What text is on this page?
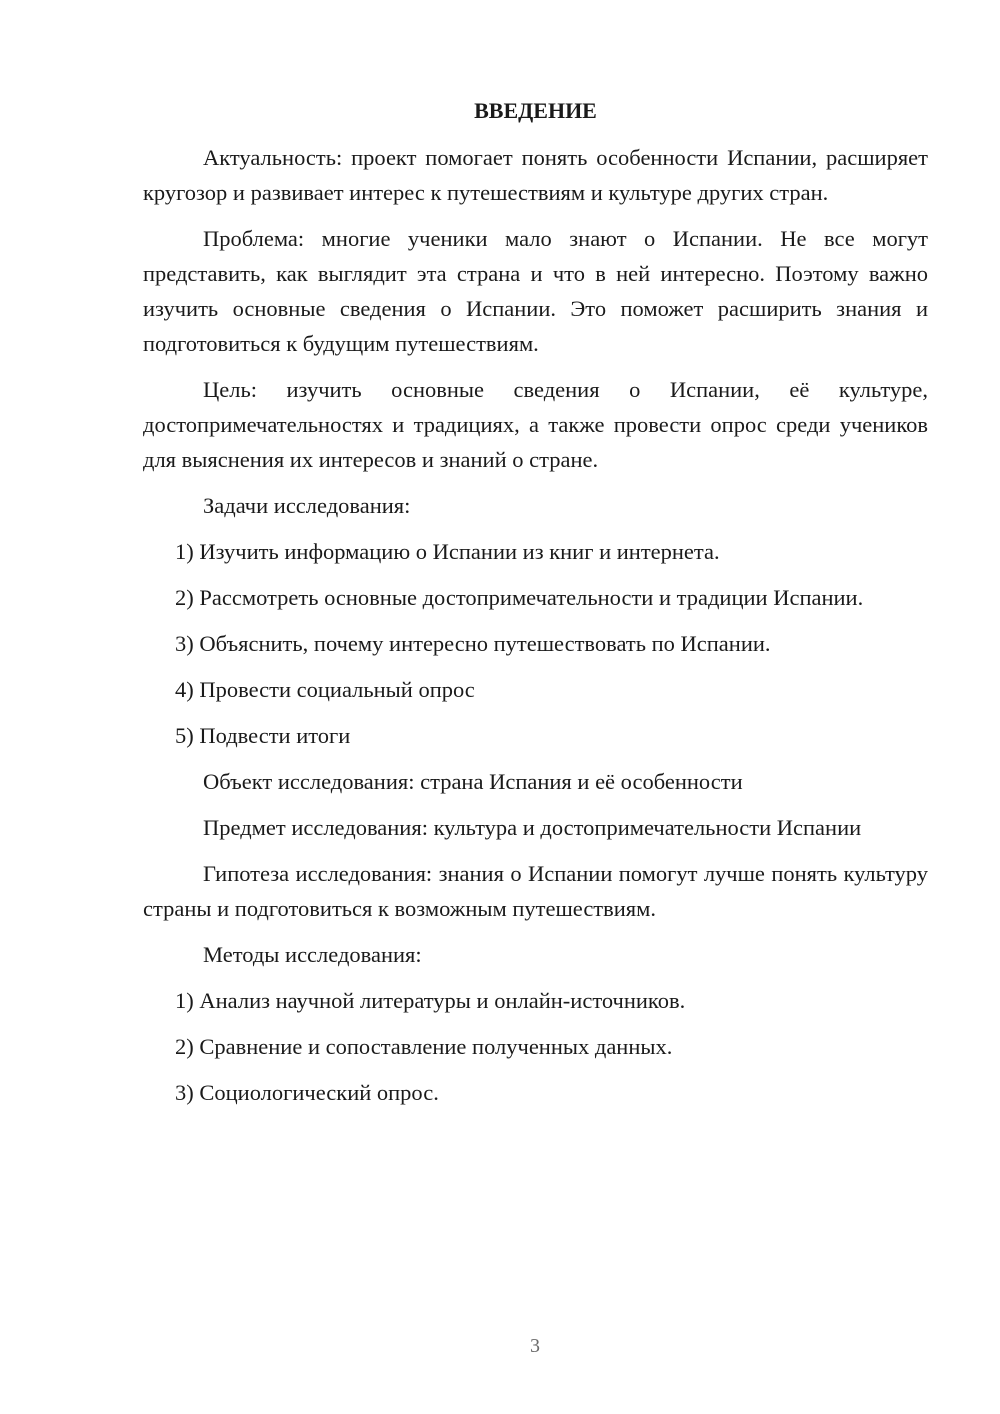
ВВЕДЕНИЕ

Актуальность: проект помогает понять особенности Испании, расширяет кругозор и развивает интерес к путешествиям и культуре других стран.

Проблема: многие ученики мало знают о Испании. Не все могут представить, как выглядит эта страна и что в ней интересно. Поэтому важно изучить основные сведения о Испании. Это поможет расширить знания и подготовиться к будущим путешествиям.

Цель: изучить основные сведения о Испании, её культуре, достопримечательностях и традициях, а также провести опрос среди учеников для выяснения их интересов и знаний о стране.

Задачи исследования:

1) Изучить информацию о Испании из книг и интернета.

2) Рассмотреть основные достопримечательности и традиции Испании.

3) Объяснить, почему интересно путешествовать по Испании.

4) Провести социальный опрос

5) Подвести итоги

Объект исследования: страна Испания и её особенности

Предмет исследования: культура и достопримечательности Испании

Гипотеза исследования: знания о Испании помогут лучше понять культуру страны и подготовиться к возможным путешествиям.

Методы исследования:

1) Анализ научной литературы и онлайн-источников.

2) Сравнение и сопоставление полученных данных.

3) Социологический опрос.

3
